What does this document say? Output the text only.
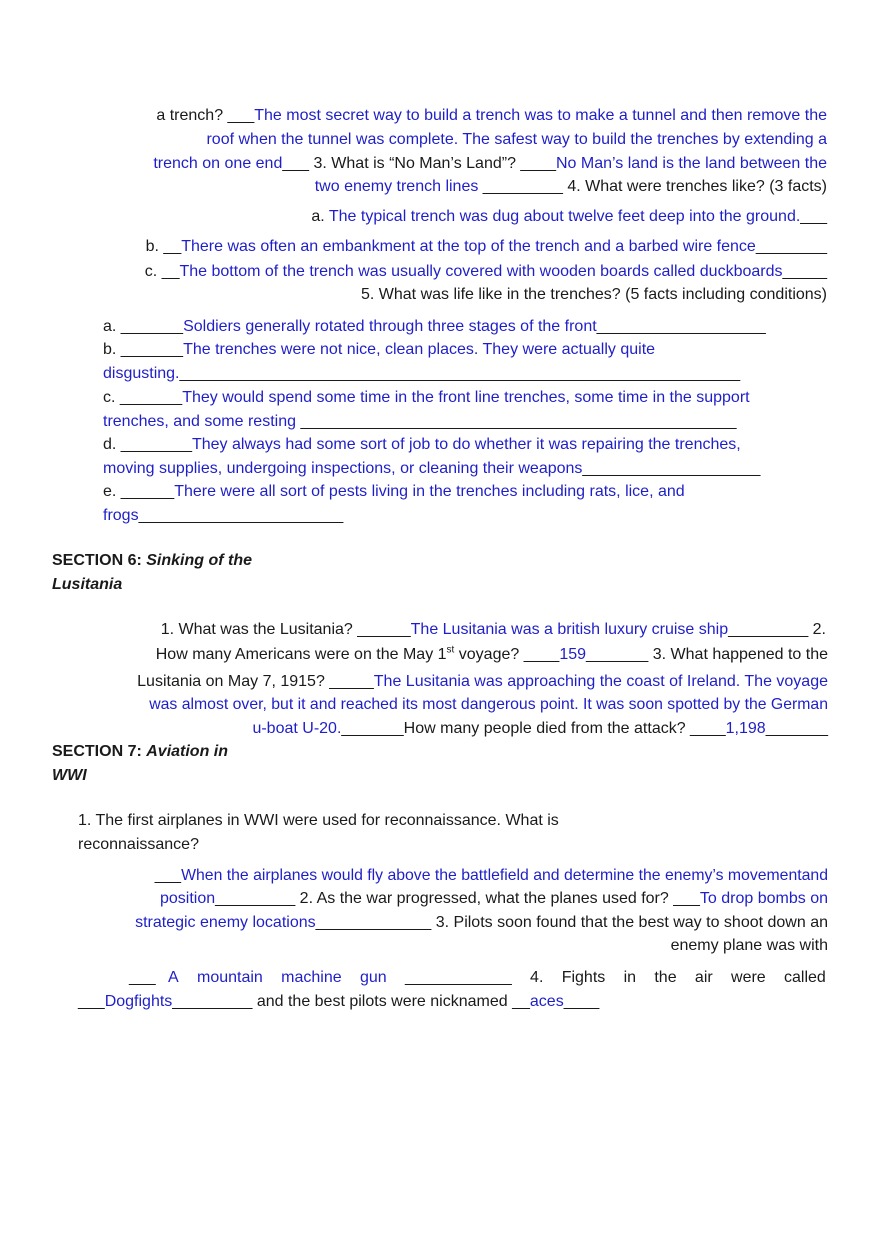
a trench? ___The most secret way to build a trench was to make a tunnel and then remove the
roof when the tunnel was complete. The safest way to build the trenches by extending a
trench on one end___ 3. What is “No Man’s Land”? ____No Man’s land is the land between the
two enemy trench lines _________ 4. What were trenches like? (3 facts)
a. The typical trench was dug about twelve feet deep into the ground.___
b. __There was often an embankment at the top of the trench and a barbed wire fence________
c. __The bottom of the trench was usually covered with wooden boards called duckboards_____
5. What was life like in the trenches? (5 facts including conditions)
a. _______Soldiers generally rotated through three stages of the front___________________
b. _______The trenches were not nice, clean places. They were actually quite
disgusting._______________________________________________________________
c. _______They would spend some time in the front line trenches, some time in the support
trenches, and some resting _________________________________________________
d. ________They always had some sort of job to do whether it was repairing the trenches,
moving supplies, undergoing inspections, or cleaning their weapons____________________
e. ______There were all sort of pests living in the trenches including rats, lice, and
frogs_______________________
SECTION 6: Sinking of the
Lusitania
1. What was the Lusitania? ______The Lusitania was a british luxury cruise ship_________ 2.
How many Americans were on the May 1st voyage? ____159_______ 3. What happened to the
Lusitania on May 7, 1915? _____The Lusitania was approaching the coast of Ireland. The voyage
was almost over, but it and reached its most dangerous point. It was soon spotted by the German
u-boat U-20._______How many people died from the attack? ____1,198_______
SECTION 7: Aviation in
WWI
1. The first airplanes in WWI were used for reconnaissance. What is
reconnaissance?
___When the airplanes would fly above the battlefield and determine the enemy’s movementand
position_________ 2. As the war progressed, what the planes used for? ___To drop bombs on
strategic enemy locations_____________ 3. Pilots soon found that the best way to shoot down an
enemy plane was with
___ A mountain machine gun ____________ 4. Fights in the air were called
___Dogfights_________ and the best pilots were nicknamed __aces____
